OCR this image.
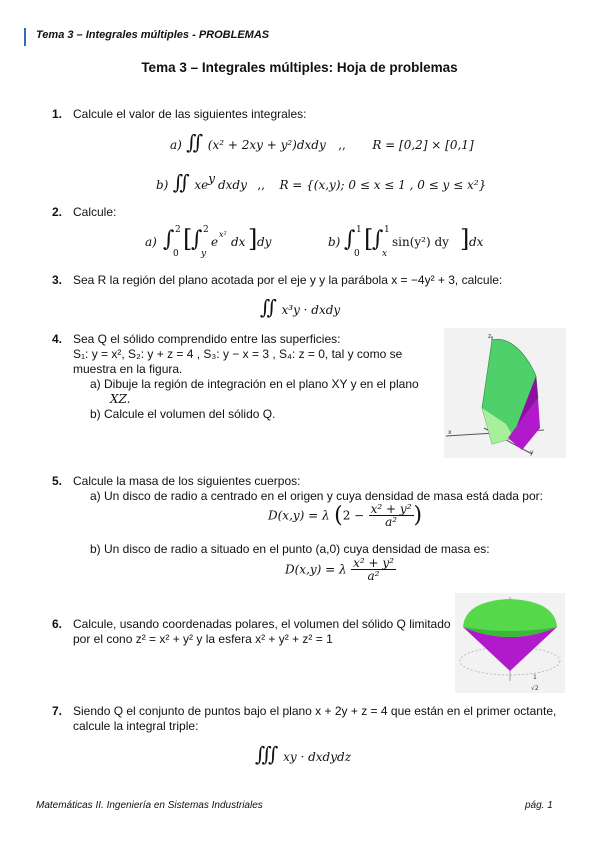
Tema 3 – Integrales múltiples - PROBLEMAS
Tema 3 – Integrales múltiples: Hoja de problemas
1. Calcule el valor de las siguientes integrales:
a) ∬ (x² + 2xy + y²)dxdy ,, R = [0,2] × [0,1]
b) ∬ $xe^y$ dxdy ,, R = {(x,y); 0 ≤ x ≤ 1 , 0 ≤ y ≤ x²}
2. Calcule:
a) ∫ 2
0
[
∫ 2
y
e
x²
dx ] dy	b) ∫ 1
0
[
∫ 1
x
sin(y²) dy ] dx
3. Sea R la región del plano acotada por el eje y y la parábola x = −4y² + 3, calcule:
∬ x³y · dxdy
4. Sea Q el sólido comprendido entre las superficies:
S₁: y = x², S₂: y + z = 4 , S₃: y − x = 3 , S₄: z = 0, tal y como se
muestra en la figura.
a) Dibuje la región de integración en el plano XY y en el plano
XZ.
b) Calcule el volumen del sólido Q.
z
x
y
5. Calcule la masa de los siguientes cuerpos:
a) Un disco de radio a centrado en el origen y cuya densidad de masa está dada por:
D(x,y) = λ ($2 - \frac{\text{x² + y²}}{\text{a²}}$ )
b) Un disco de radio a situado en el punto (a,0) cuya densidad de masa es:
D(x,y) = λ $\frac{\text{x² + y²}}{\text{a²}}$
6. Calcule, usando coordenadas polares, el volumen del sólido Q limitado
por el cono z² = x² + y² y la esfera x² + y² + z² = 1
1
√2
7. Siendo Q el conjunto de puntos bajo el plano x + 2y + z = 4 que están en el primer octante,
calcule la integral triple:
∭ xy · dxdydz
Matemáticas II. Ingeniería en Sistemas Industriales	pág. 1
